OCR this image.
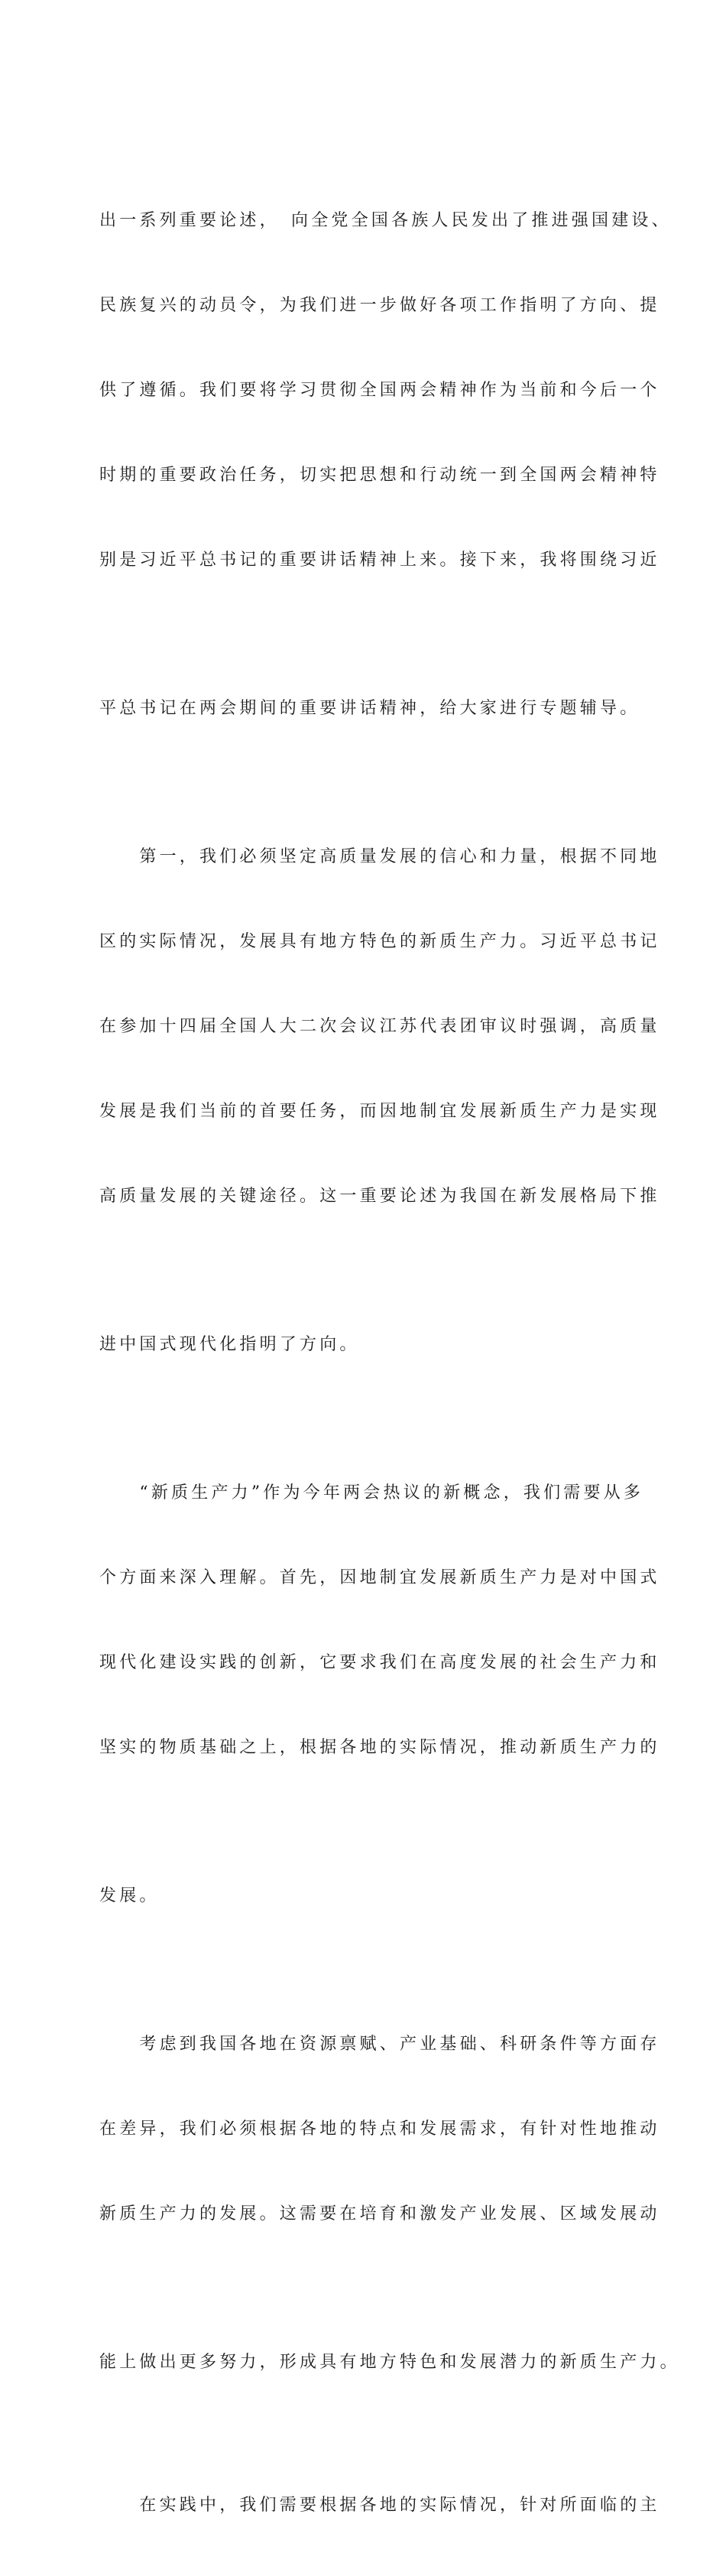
出一系列重要论述，　向全党全国各族人民发出了推进强国建设、

民族复兴的动员令，为我们进一步做好各项工作指明了方向、提

供了遵循。我们要将学习贯彻全国两会精神作为当前和今后一个

时期的重要政治任务，切实把思想和行动统一到全国两会精神特

别是习近平总书记的重要讲话精神上来。接下来，我将围绕习近

平总书记在两会期间的重要讲话精神，给大家进行专题辅导。

　　第一，我们必须坚定高质量发展的信心和力量，根据不同地

区的实际情况，发展具有地方特色的新质生产力。习近平总书记

在参加十四届全国人大二次会议江苏代表团审议时强调，高质量

发展是我们当前的首要任务，而因地制宜发展新质生产力是实现

高质量发展的关键途径。这一重要论述为我国在新发展格局下推

进中国式现代化指明了方向。

　　“新质生产力”作为今年两会热议的新概念，我们需要从多

个方面来深入理解。首先，因地制宜发展新质生产力是对中国式

现代化建设实践的创新，它要求我们在高度发展的社会生产力和

坚实的物质基础之上，根据各地的实际情况，推动新质生产力的

发展。

　　考虑到我国各地在资源禀赋、产业基础、科研条件等方面存

在差异，我们必须根据各地的特点和发展需求，有针对性地推动

新质生产力的发展。这需要在培育和激发产业发展、区域发展动

能上做出更多努力，形成具有地方特色和发展潜力的新质生产力。

　　在实践中，我们需要根据各地的实际情况，针对所面临的主
